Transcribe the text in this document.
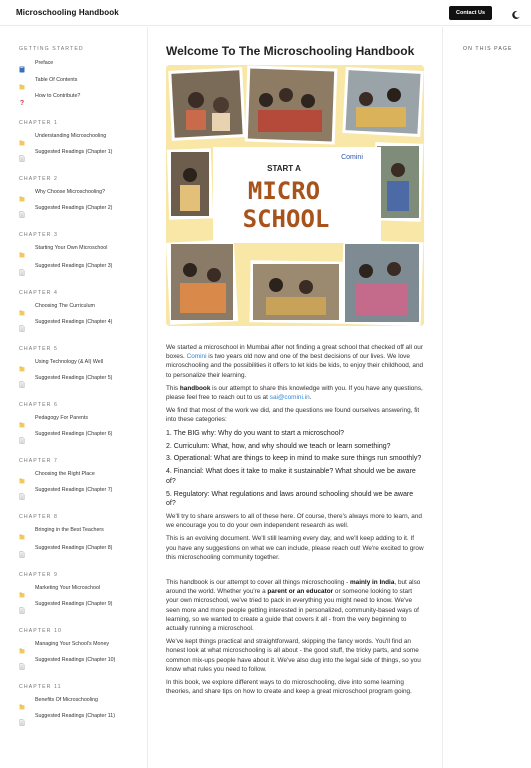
Microschooling Handbook	Contact Us
GETTING STARTED
Preface
Table Of Contents
?
How to Contribute?
CHAPTER 1
Understanding Microschooling
Suggested Readings (Chapter 1)
CHAPTER 2
Why Choose Microschooling?
Suggested Readings (Chapter 2)
CHAPTER 3
Starting Your Own Microschool
Suggested Readings (Chapter 3)
CHAPTER 4
Choosing The Curriculum
Suggested Readings (Chapter 4)
CHAPTER 5
Using Technology (& AI) Well
Suggested Readings (Chapter 5)
CHAPTER 6
Pedagogy For Parents
Suggested Readings (Chapter 6)
CHAPTER 7
Choosing the Right Place
Suggested Readings (Chapter 7)
CHAPTER 8
Bringing in the Best Teachers
Suggested Readings (Chapter 8)
CHAPTER 9
Marketing Your Microschool
Suggested Readings (Chapter 9)
CHAPTER 10
Managing Your School's Money
Suggested Readings (Chapter 10)
CHAPTER 11
Benefits Of Microschooling
Suggested Readings (Chapter 11)
Welcome To The Microschooling Handbook
START A
MICRO
SCHOOL
Comini

We started a microschool in Mumbai after not finding a great school that checked off all our boxes. Comini is two years old now and one of the best decisions of our lives. We love microschooling and the possibilities it offers to let kids be kids, to enjoy their childhood, and to personalize their learning.

This handbook is our attempt to share this knowledge with you. If you have any questions, please feel free to reach out to us at sai@comini.in.

We find that most of the work we did, and the questions we found ourselves answering, fit into these categories:

1. The BIG why: Why do you want to start a microschool?
2. Curriculum: What, how, and why should we teach or learn something?
3. Operational: What are things to keep in mind to make sure things run smoothly?
4. Financial: What does it take to make it sustainable? What should we be aware of?
5. Regulatory: What regulations and laws around schooling should we be aware of?

We'll try to share answers to all of these here. Of course, there's always more to learn, and we encourage you to do your own independent research as well.

This is an evolving document. We'll still learning every day, and we'll keep adding to it. If you have any suggestions on what we can include, please reach out! We're excited to grow this microschooling community together.

This handbook is our attempt to cover all things microschooling - mainly in India, but also around the world. Whether you're a parent or an educator or someone looking to start your own microschool, we've tried to pack in everything you might need to know. We've seen more and more people getting interested in personalized, community-based ways of learning, so we wanted to create a guide that covers it all - from the very beginning to actually running a microschool.

We've kept things practical and straightforward, skipping the fancy words. You'll find an honest look at what microschooling is all about - the good stuff, the tricky parts, and some common mix-ups people have about it. We've also dug into the legal side of things, so you know what rules you need to follow.

In this book, we explore different ways to do microschooling, dive into some learning theories, and share tips on how to create and keep a great microschool program going.

ON THIS PAGE
